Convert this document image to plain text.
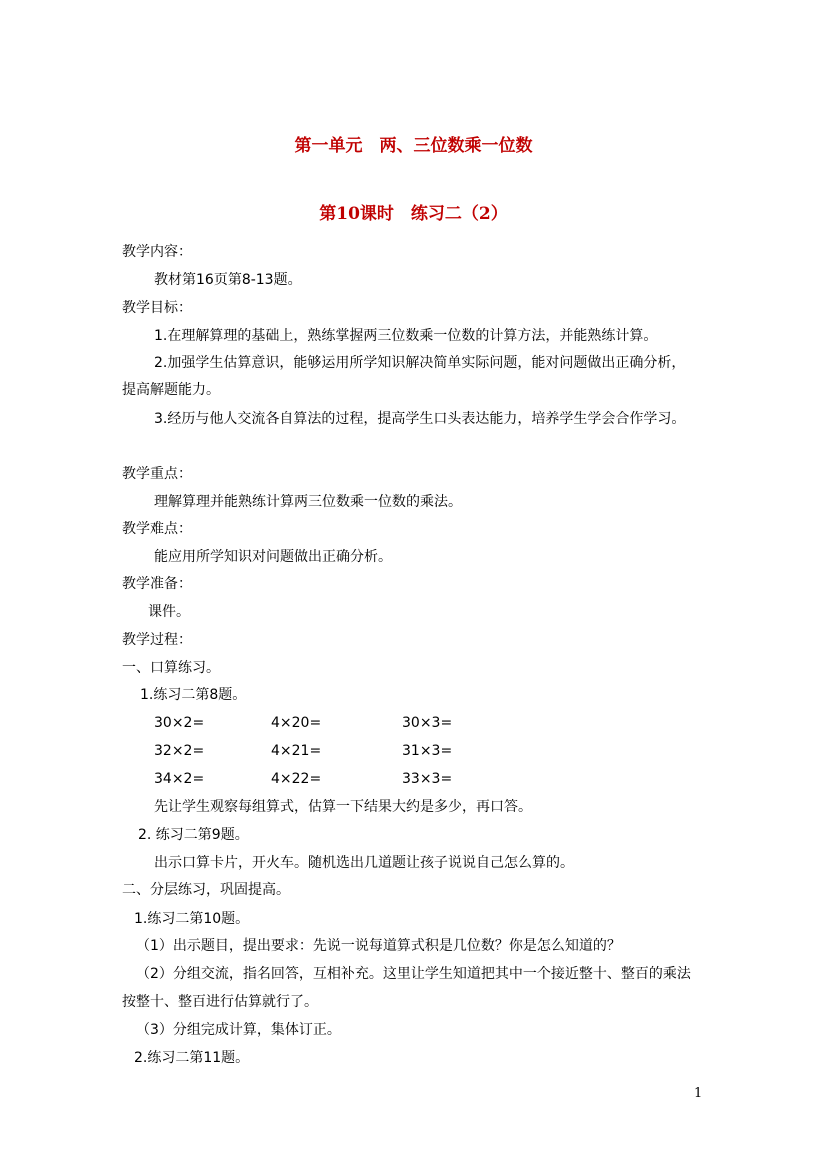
第一单元　两、三位数乘一位数
第10课时　练习二（2）
教学内容：
教材第16页第8-13题。
教学目标：
1.在理解算理的基础上，熟练掌握两三位数乘一位数的计算方法，并能熟练计算。
2.加强学生估算意识，能够运用所学知识解决简单实际问题，能对问题做出正确分析，
提高解题能力。
3.经历与他人交流各自算法的过程，提高学生口头表达能力，培养学生学会合作学习。
教学重点：
理解算理并能熟练计算两三位数乘一位数的乘法。
教学难点：
能应用所学知识对问题做出正确分析。
教学准备：
课件。
教学过程：
一、口算练习。
1.练习二第8题。
30×2=	4×20=	30×3=
32×2=	4×21=	31×3=
34×2=	4×22=	33×3=
先让学生观察每组算式，估算一下结果大约是多少，再口答。
2. 练习二第9题。
出示口算卡片，开火车。随机选出几道题让孩子说说自己怎么算的。
二、分层练习，巩固提高。
1.练习二第10题。
（1）出示题目，提出要求：先说一说每道算式积是几位数？你是怎么知道的？
（2）分组交流，指名回答，互相补充。这里让学生知道把其中一个接近整十、整百的乘法
按整十、整百进行估算就行了。
（3）分组完成计算，集体订正。
2.练习二第11题。
1
